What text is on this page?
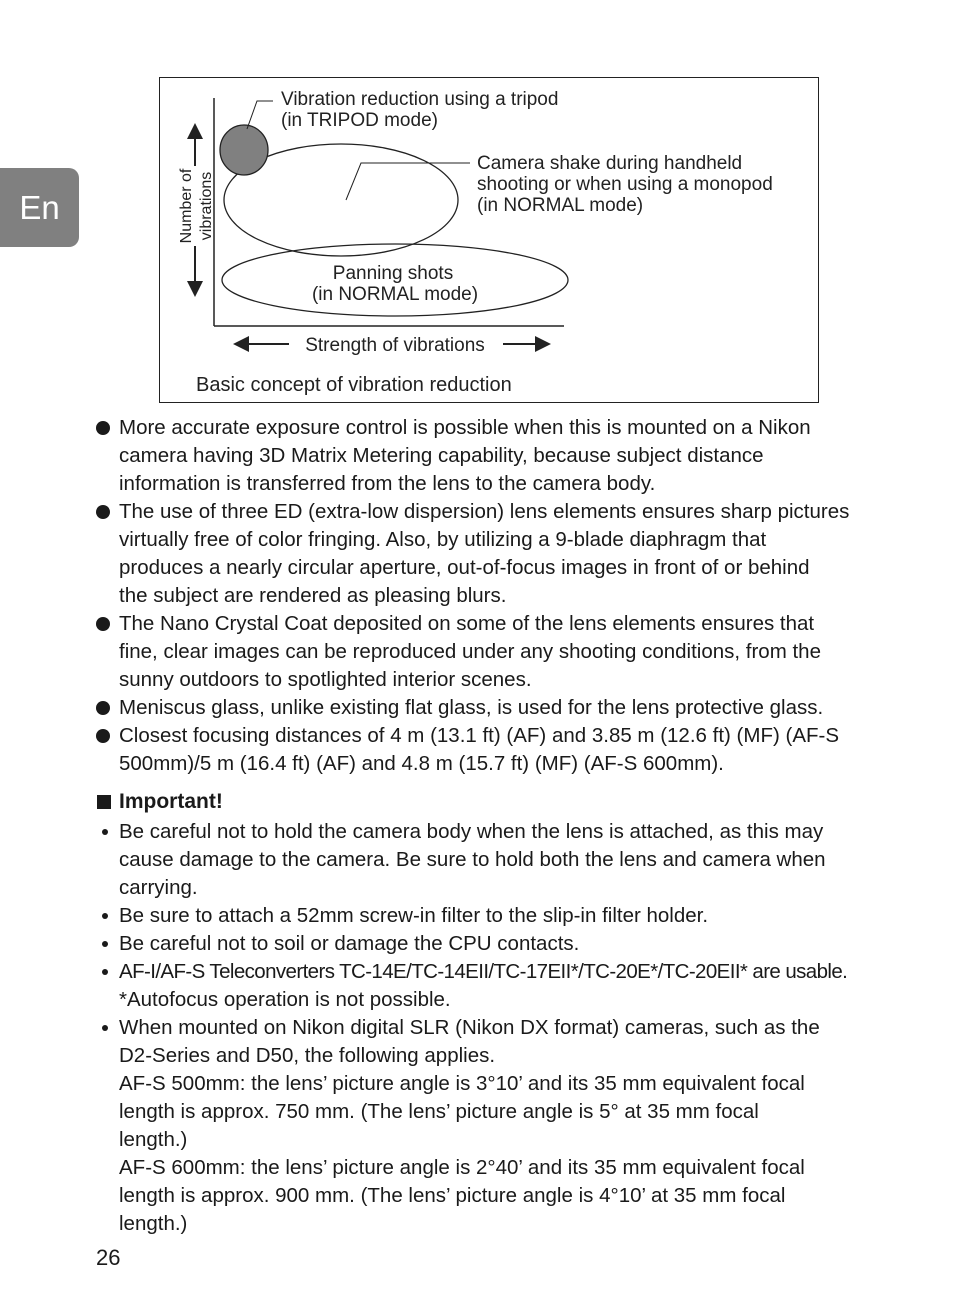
En
Vibration reduction using a tripod
(in TRIPOD mode)
Camera shake during handheld
shooting or when using a monopod
(in NORMAL mode)
Panning shots
(in NORMAL mode)
Number of vibrations
Strength of vibrations
Basic concept of vibration reduction
More accurate exposure control is possible when this is mounted on a Nikon
camera having 3D Matrix Metering capability, because subject distance
information is transferred from the lens to the camera body.
The use of three ED (extra-low dispersion) lens elements ensures sharp pictures
virtually free of color fringing. Also, by utilizing a 9-blade diaphragm that
produces a nearly circular aperture, out-of-focus images in front of or behind
the subject are rendered as pleasing blurs.
The Nano Crystal Coat deposited on some of the lens elements ensures that
fine, clear images can be reproduced under any shooting conditions, from the
sunny outdoors to spotlighted interior scenes.
Meniscus glass, unlike existing flat glass, is used for the lens protective glass.
Closest focusing distances of 4 m (13.1 ft) (AF) and 3.85 m (12.6 ft) (MF) (AF-S
500mm)/5 m (16.4 ft) (AF) and 4.8 m (15.7 ft) (MF) (AF-S 600mm).
Important!
Be careful not to hold the camera body when the lens is attached, as this may
cause damage to the camera. Be sure to hold both the lens and camera when
carrying.
Be sure to attach a 52mm screw-in filter to the slip-in filter holder.
Be careful not to soil or damage the CPU contacts.
AF-I/AF-S Teleconverters TC-14E/TC-14EII/TC-17EII*/TC-20E*/TC-20EII* are usable.
*Autofocus operation is not possible.
When mounted on Nikon digital SLR (Nikon DX format) cameras, such as the
D2-Series and D50, the following applies.
AF-S 500mm: the lens’ picture angle is 3°10’ and its 35 mm equivalent focal
length is approx. 750 mm. (The lens’ picture angle is 5° at 35 mm focal
length.)
AF-S 600mm: the lens’ picture angle is 2°40’ and its 35 mm equivalent focal
length is approx. 900 mm. (The lens’ picture angle is 4°10’ at 35 mm focal
length.)
26
